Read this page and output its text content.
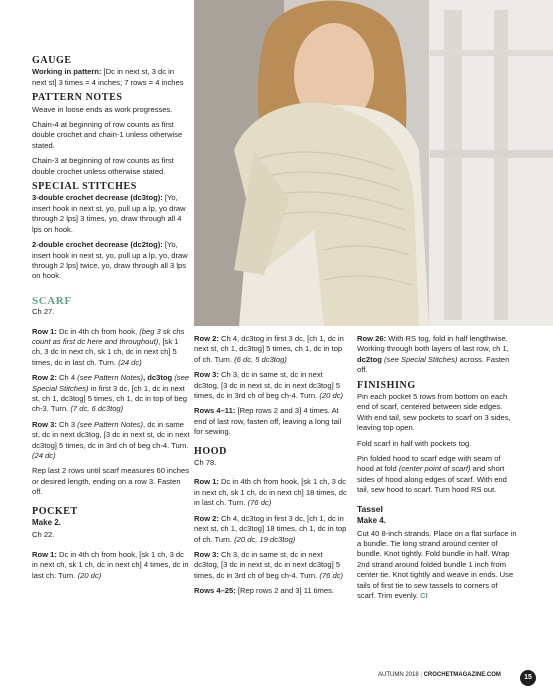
GAUGE

Working in pattern: [Dc in next st, 3 dc in next st] 3 times = 4 inches; 7 rows = 4 inches

PATTERN NOTES

Weave in loose ends as work progresses.

Chain-4 at beginning of row counts as first double crochet and chain-1 unless otherwise stated.

Chain-3 at beginning of row counts as first double crochet unless otherwise stated.

SPECIAL STITCHES

3-double crochet decrease (dc3tog): [Yo, insert hook in next st, yo, pull up a lp, yo draw through 2 lps] 3 times, yo, draw through all 4 lps on hook.

2-double crochet decrease (dc2tog): [Yo, insert hook in next st, yo, pull up a lp, yo, draw through 2 lps] twice, yo, draw through all 3 lps on hook.

SCARF

Ch 27.

Row 1: Dc in 4th ch from hook, (beg 3 sk chs count as first dc here and throughout), [sk 1 ch, 3 dc in next ch, sk 1 ch, dc in next ch] 5 times, dc in last ch. Turn. (24 dc)

Row 2: Ch 4 (see Pattern Notes), dc3tog (see Special Stitches) in first 3 dc, [ch 1, dc in next st, ch 1, dc3tog] 5 times, ch 1, dc in top of beg ch-3. Turn. (7 dc, 6 dc3tog)

Row 3: Ch 3 (see Pattern Notes), dc in same st, dc in next dc3tog, [3 dc in next st, dc in next dc3tog] 5 times, dc in 3rd ch of beg ch-4. Turn. (24 dc)

Rep last 2 rows until scarf measures 60 inches or desired length, ending on a row 3. Fasten off.

POCKET
Make 2.

Ch 22.

Row 1: Dc in 4th ch from hook, [sk 1 ch, 3 dc in next ch, sk 1 ch, dc in next ch] 4 times, dc in last ch. Turn. (20 dc)

Row 2: Ch 4, dc3tog in first 3 dc, [ch 1, dc in next st, ch 1, dc3tog] 5 times, ch 1, dc in top of ch. Turn. (6 dc, 5 dc3tog)

Row 3: Ch 3, dc in same st, dc in next dc3tog, [3 dc in next st, dc in next dc3tog] 5 times, dc in 3rd ch of beg ch-4. Turn. (20 dc)

Rows 4–11: [Rep rows 2 and 3] 4 times. At end of last row, fasten off, leaving a long tail for sewing.

HOOD

Ch 78.

Row 1: Dc in 4th ch from hook, [sk 1 ch, 3 dc in next ch, sk 1 ch, dc in next ch] 18 times, dc in last ch. Turn. (76 dc)

Row 2: Ch 4, dc3tog in first 3 dc, [ch 1, dc in next st, ch 1, dc3tog] 18 times, ch 1, dc in top of ch. Turn. (20 dc, 19 dc3tog)

Row 3: Ch 3, dc in same st, dc in next dc3tog, [3 dc in next st, dc in next dc3tog] 5 times, dc in 3rd ch of beg ch-4. Turn. (76 dc)

Rows 4–25: [Rep rows 2 and 3] 11 times.

Row 26: With RS tog, fold in half lengthwise. Working through both layers of last row, ch 1, dc2tog (see Special Stitches) across. Fasten off.

FINISHING

Pin each pocket 5 rows from bottom on each end of scarf, centered between side edges. With end tail, sew pockets to scarf on 3 sides, leaving top open.

Fold scarf in half with pockets tog.

Pin folded hood to scarf edge with seam of hood at fold (center point of scarf) and short sides of hood along edges of scarf. With end tail, sew hood to scarf. Turn hood RS out.

Tassel
Make 4.

Cut 40 8-inch strands. Place on a flat surface in a bundle. Tie long strand around center of bundle. Knot tightly. Fold bundle in half. Wrap 2nd strand around folded bundle 1 inch from center tie. Knot tightly and weave in ends. Use tails of first tie to sew tassels to corners of scarf. Trim evenly. CI

AUTUMN 2018 | CROCHETMAGAZINE.COM	15
